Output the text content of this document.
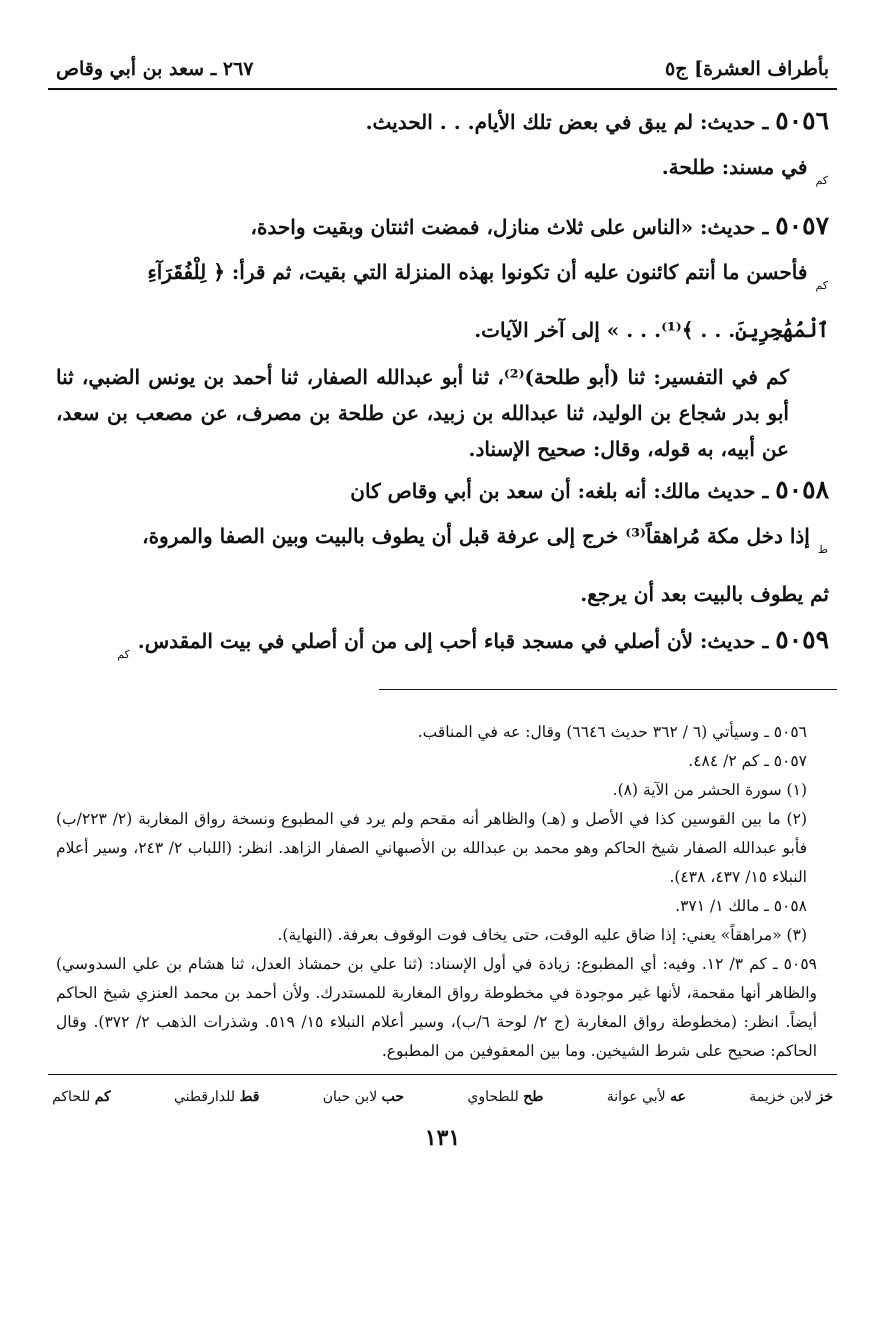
بأطراف العشرة] ج٥
٢٦٧ ـ سعد بن أبي وقاص
٥٠٥٦ ـ حديث: لم يبق في بعض تلك الأيام. . . الحديث.
$_{كم}$ في مسند: طلحة.
٥٠٥٧ ـ حديث: «الناس على ثلاث منازل، فمضت اثنتان وبقيت واحدة،
$_{كم}$ فأحسن ما أنتم كائنون عليه أن تكونوا بهذه المنزلة التي بقيت، ثم قرأ: ﴿ لِلْفُقَرَآءِ
ٱلْمُهَٰجِرِينَ. . . ﴾⁽¹⁾. . . » إلى آخر الآيات.
كم في التفسير: ثنا (أبو طلحة)⁽²⁾، ثنا أبو عبدالله الصفار، ثنا أحمد بن يونس الضبي، ثنا أبو بدر شجاع بن الوليد، ثنا عبدالله بن زبيد، عن طلحة بن مصرف، عن مصعب بن سعد، عن أبيه، به قوله، وقال: صحيح الإسناد.
٥٠٥٨ ـ حديث مالك: أنه بلغه: أن سعد بن أبي وقاص كان
$_ط$ إذا دخل مكة مُراهقاً⁽³⁾ خرج إلى عرفة قبل أن يطوف بالبيت وبين الصفا والمروة،
ثم يطوف بالبيت بعد أن يرجع.
٥٠٥٩ ـ حديث: لأن أصلي في مسجد قباء أحب إلى من أن أصلي في بيت المقدس. $_{كم}$

٥٠٥٦ ـ وسيأتي (٦ / ٣٦٢ حديث ٦٦٤٦) وقال: عه في المناقب.

٥٠٥٧ ـ كم ٢/ ٤٨٤.

(١) سورة الحشر من الآية (٨).

(٢) ما بين القوسين كذا في الأصل و (هـ) والظاهر أنه مقحم ولم يرد في المطبوع ونسخة رواق المغاربة (٢/ ٢٢٣/ب) فأبو عبدالله الصفار شيخ الحاكم وهو محمد بن عبدالله بن الأصبهاني الصفار الزاهد. انظر: (اللباب ٢/ ٢٤٣، وسير أعلام النبلاء ١٥/ ٤٣٧، ٤٣٨).

٥٠٥٨ ـ مالك ١/ ٣٧١.

(٣) «مراهقاً» يعني: إذا ضاق عليه الوقت، حتى يخاف فوت الوقوف بعرفة. (النهاية).

٥٠٥٩ ـ كم ٣/ ١٢. وفيه: أي المطبوع: زيادة في أول الإسناد: (ثنا علي بن حمشاذ العدل، ثنا هشام بن علي السدوسي) والظاهر أنها مقحمة، لأنها غير موجودة في مخطوطة رواق المغاربة للمستدرك. ولأن أحمد بن محمد العنزي شيخ الحاكم أيضاً. انظر: (مخطوطة رواق المغاربة (ج ٢/ لوحة ٦/ب)، وسير أعلام النبلاء ١٥/ ٥١٩. وشذرات الذهب ٢/ ٣٧٢). وقال الحاكم: صحيح على شرط الشيخين. وما بين المعقوفين من المطبوع.

خز لابن خزيمة
عه لأبي عوانة
طح للطحاوي
حب لابن حبان
قط للدارقطني
كم للحاكم
١٣١
